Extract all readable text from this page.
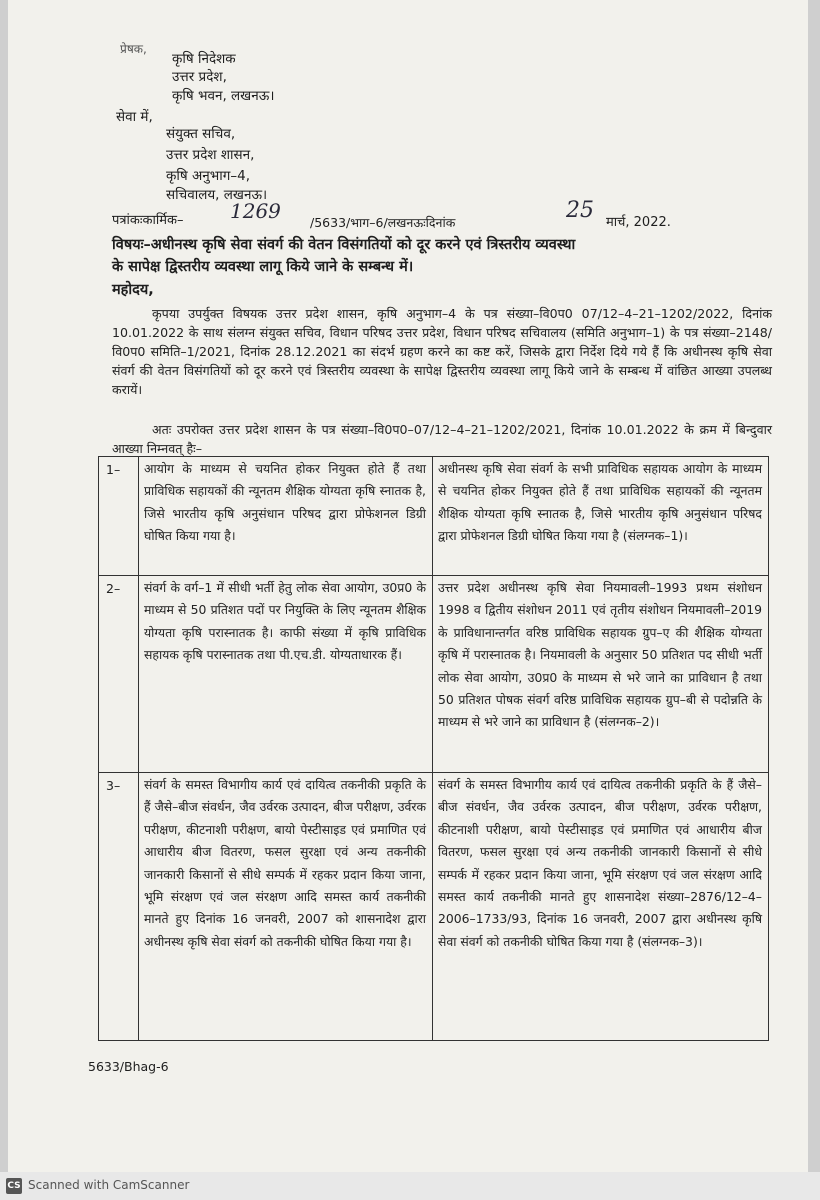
प्रेषक,
कृषि निदेशक
उत्तर प्रदेश,
कृषि भवन, लखनऊ।
सेवा में,
संयुक्त सचिव,
उत्तर प्रदेश शासन,
कृषि अनुभाग–4,
सचिवालय, लखनऊ।
पत्रांकःकार्मिक– 1269 /5633/भाग–6/लखनऊःदिनांक	25 मार्च, 2022.
विषयः–अधीनस्थ कृषि सेवा संवर्ग की वेतन विसंगतियों को दूर करने एवं त्रिस्तरीय व्यवस्था
के सापेक्ष द्विस्तरीय व्यवस्था लागू किये जाने के सम्बन्ध में।
महोदय,
कृपया उपर्युक्त विषयक उत्तर प्रदेश शासन, कृषि अनुभाग–4 के पत्र संख्या–वि0प0 07/12–4–21–1202/2022, दिनांक 10.01.2022 के साथ संलग्न संयुक्त सचिव, विधान परिषद उत्तर प्रदेश, विधान परिषद सचिवालय (समिति अनुभाग–1) के पत्र संख्या–2148/वि0प0 समिति–1/2021, दिनांक 28.12.2021 का संदर्भ ग्रहण करने का कष्ट करें, जिसके द्वारा निर्देश दिये गये हैं कि अधीनस्थ कृषि सेवा संवर्ग की वेतन विसंगतियों को दूर करने एवं त्रिस्तरीय व्यवस्था के सापेक्ष द्विस्तरीय व्यवस्था लागू किये जाने के सम्बन्ध में वांछित आख्या उपलब्ध करायें।
अतः उपरोक्त उत्तर प्रदेश शासन के पत्र संख्या–वि0प0–07/12–4–21–1202/2021, दिनांक 10.01.2022 के क्रम में बिन्दुवार आख्या निम्नवत् हैः–
1– आयोग के माध्यम से चयनित होकर नियुक्त होते हैं तथा प्राविधिक सहायकों की न्यूनतम शैक्षिक योग्यता कृषि स्नातक है, जिसे भारतीय कृषि अनुसंधान परिषद द्वारा प्रोफेशनल डिग्री घोषित किया गया है।
अधीनस्थ कृषि सेवा संवर्ग के सभी प्राविधिक सहायक आयोग के माध्यम से चयनित होकर नियुक्त होते हैं तथा प्राविधिक सहायकों की न्यूनतम शैक्षिक योग्यता कृषि स्नातक है, जिसे भारतीय कृषि अनुसंधान परिषद द्वारा प्रोफेशनल डिग्री घोषित किया गया है (संलग्नक–1)।
2– संवर्ग के वर्ग–1 में सीधी भर्ती हेतु लोक सेवा आयोग, उ0प्र0 के माध्यम से 50 प्रतिशत पदों पर नियुक्ति के लिए न्यूनतम शैक्षिक योग्यता कृषि परास्नातक है। काफी संख्या में कृषि प्राविधिक सहायक कृषि परास्नातक तथा पी.एच.डी. योग्यताधारक हैं।
उत्तर प्रदेश अधीनस्थ कृषि सेवा नियमावली–1993 प्रथम संशोधन 1998 व द्वितीय संशोधन 2011 एवं तृतीय संशोधन नियमावली–2019 के प्राविधानान्तर्गत वरिष्ठ प्राविधिक सहायक ग्रुप–ए की शैक्षिक योग्यता कृषि में परास्नातक है। नियमावली के अनुसार 50 प्रतिशत पद सीधी भर्ती लोक सेवा आयोग, उ0प्र0 के माध्यम से भरे जाने का प्राविधान है तथा 50 प्रतिशत पोषक संवर्ग वरिष्ठ प्राविधिक सहायक ग्रुप–बी से पदोन्नति के माध्यम से भरे जाने का प्राविधान है (संलग्नक–2)।
3– संवर्ग के समस्त विभागीय कार्य एवं दायित्व तकनीकी प्रकृति के हैं जैसे–बीज संवर्धन, जैव उर्वरक उत्पादन, बीज परीक्षण, उर्वरक परीक्षण, कीटनाशी परीक्षण, बायो पेस्टीसाइड एवं प्रमाणित एवं आधारीय बीज वितरण, फसल सुरक्षा एवं अन्य तकनीकी जानकारी किसानों से सीधे सम्पर्क में रहकर प्रदान किया जाना, भूमि संरक्षण एवं जल संरक्षण आदि समस्त कार्य तकनीकी मानते हुए दिनांक 16 जनवरी, 2007 को शासनादेश द्वारा अधीनस्थ कृषि सेवा संवर्ग को तकनीकी घोषित किया गया है।
संवर्ग के समस्त विभागीय कार्य एवं दायित्व तकनीकी प्रकृति के हैं जैसे–बीज संवर्धन, जैव उर्वरक उत्पादन, बीज परीक्षण, उर्वरक परीक्षण, कीटनाशी परीक्षण, बायो पेस्टीसाइड एवं प्रमाणित एवं आधारीय बीज वितरण, फसल सुरक्षा एवं अन्य तकनीकी जानकारी किसानों से सीधे सम्पर्क में रहकर प्रदान किया जाना, भूमि संरक्षण एवं जल संरक्षण आदि समस्त कार्य तकनीकी मानते हुए शासनादेश संख्या–2876/12–4–2006–1733/93, दिनांक 16 जनवरी, 2007 द्वारा अधीनस्थ कृषि सेवा संवर्ग को तकनीकी घोषित किया गया है (संलग्नक–3)।
5633/Bhag-6
CS Scanned with CamScanner
